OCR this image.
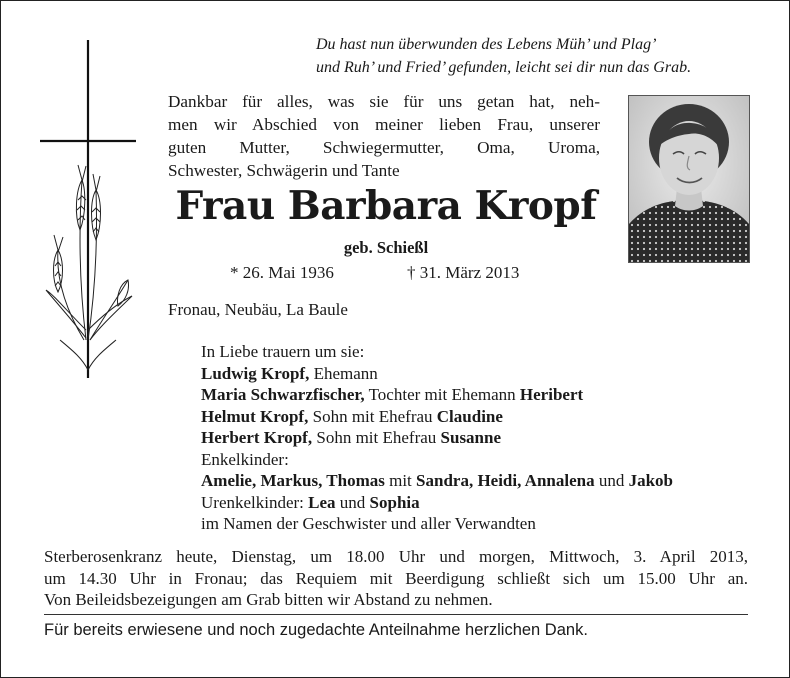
Du hast nun überwunden des Lebens Müh’ und Plag’
und Ruh’ und Fried’ gefunden, leicht sei dir nun das Grab.
Dankbar für alles, was sie für uns getan hat, neh-
men wir Abschied von meiner lieben Frau, unserer
guten Mutter, Schwiegermutter, Oma, Uroma,
Schwester, Schwägerin und Tante
Frau Barbara Kropf
geb. Schießl
* 26. Mai 1936	† 31. März 2013
Fronau, Neubäu, La Baule
In Liebe trauern um sie:
Ludwig Kropf, Ehemann
Maria Schwarzfischer, Tochter mit Ehemann Heribert
Helmut Kropf, Sohn mit Ehefrau Claudine
Herbert Kropf, Sohn mit Ehefrau Susanne
Enkelkinder:
Amelie, Markus, Thomas mit Sandra, Heidi, Annalena und Jakob
Urenkelkinder: Lea und Sophia
im Namen der Geschwister und aller Verwandten
Sterberosenkranz heute, Dienstag, um 18.00 Uhr und morgen, Mittwoch, 3. April 2013,
um 14.30 Uhr in Fronau; das Requiem mit Beerdigung schließt sich um 15.00 Uhr an.
Von Beileidsbezeigungen am Grab bitten wir Abstand zu nehmen.
Für bereits erwiesene und noch zugedachte Anteilnahme herzlichen Dank.
